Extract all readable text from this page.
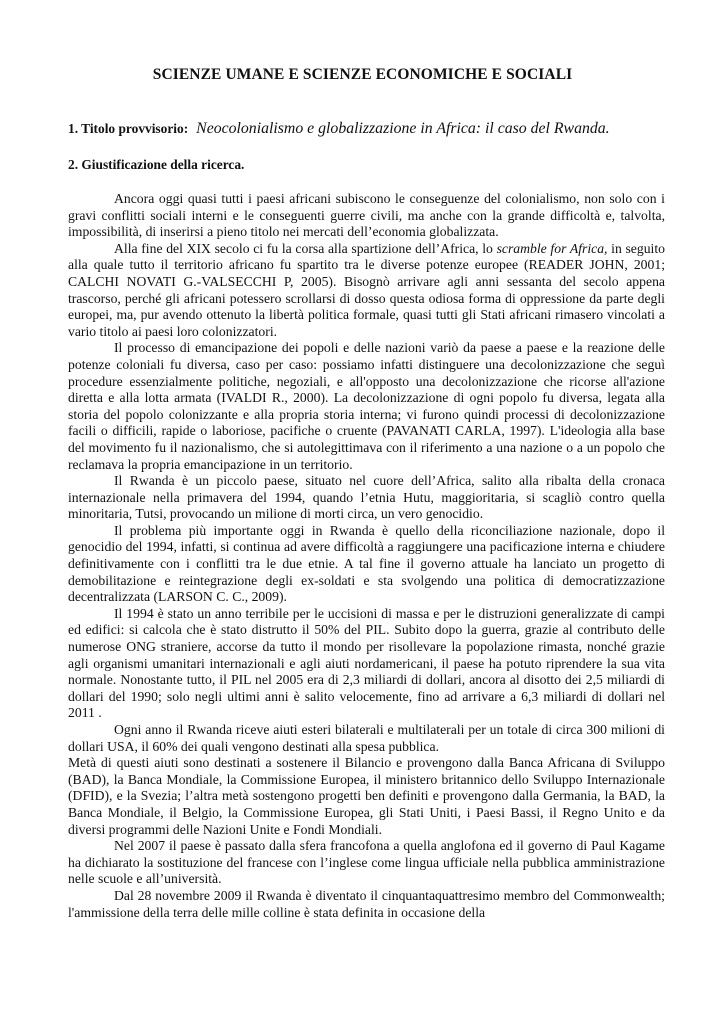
SCIENZE UMANE E SCIENZE ECONOMICHE E SOCIALI
1. Titolo provvisorio: Neocolonialismo e globalizzazione in Africa: il caso del Rwanda.
2. Giustificazione della ricerca.

Ancora oggi quasi tutti i paesi africani subiscono le conseguenze del colonialismo, non solo con i gravi conflitti sociali interni e le conseguenti guerre civili, ma anche con la grande difficoltà e, talvolta, impossibilità, di inserirsi a pieno titolo nei mercati dell’economia globalizzata.

Alla fine del XIX secolo ci fu la corsa alla spartizione dell’Africa, lo scramble for Africa, in seguito alla quale tutto il territorio africano fu spartito tra le diverse potenze europee (READER JOHN, 2001; CALCHI NOVATI G.-VALSECCHI P, 2005). Bisognò arrivare agli anni sessanta del secolo appena trascorso, perché gli africani potessero scrollarsi di dosso questa odiosa forma di oppressione da parte degli europei, ma, pur avendo ottenuto la libertà politica formale, quasi tutti gli Stati africani rimasero vincolati a vario titolo ai paesi loro colonizzatori.

Il processo di emancipazione dei popoli e delle nazioni variò da paese a paese e la reazione delle potenze coloniali fu diversa, caso per caso: possiamo infatti distinguere una decolonizzazione che seguì procedure essenzialmente politiche, negoziali, e all'opposto una decolonizzazione che ricorse all'azione diretta e alla lotta armata (IVALDI R., 2000). La decolonizzazione di ogni popolo fu diversa, legata alla storia del popolo colonizzante e alla propria storia interna; vi furono quindi processi di decolonizzazione facili o difficili, rapide o laboriose, pacifiche o cruente (PAVANATI CARLA, 1997). L'ideologia alla base del movimento fu il nazionalismo, che si autolegittimava con il riferimento a una nazione o a un popolo che reclamava la propria emancipazione in un territorio.

Il Rwanda è un piccolo paese, situato nel cuore dell’Africa, salito alla ribalta della cronaca internazionale nella primavera del 1994, quando l’etnia Hutu, maggioritaria, si scagliò contro quella minoritaria, Tutsi, provocando un milione di morti circa, un vero genocidio.

Il problema più importante oggi in Rwanda è quello della riconciliazione nazionale, dopo il genocidio del 1994, infatti, si continua ad avere difficoltà a raggiungere una pacificazione interna e chiudere definitivamente con i conflitti tra le due etnie. A tal fine il governo attuale ha lanciato un progetto di demobilitazione e reintegrazione degli ex-soldati e sta svolgendo una politica di democratizzazione decentralizzata (LARSON C. C., 2009).

Il 1994 è stato un anno terribile per le uccisioni di massa e per le distruzioni generalizzate di campi ed edifici: si calcola che è stato distrutto il 50% del PIL. Subito dopo la guerra, grazie al contributo delle numerose ONG straniere, accorse da tutto il mondo per risollevare la popolazione rimasta, nonché grazie agli organismi umanitari internazionali e agli aiuti nordamericani, il paese ha potuto riprendere la sua vita normale. Nonostante tutto, il PIL nel 2005 era di 2,3 miliardi di dollari, ancora al disotto dei 2,5 miliardi di dollari del 1990; solo negli ultimi anni è salito velocemente, fino ad arrivare a 6,3 miliardi di dollari nel 2011 .

Ogni anno il Rwanda riceve aiuti esteri bilaterali e multilaterali per un totale di circa 300 milioni di dollari USA, il 60% dei quali vengono destinati alla spesa pubblica.

Metà di questi aiuti sono destinati a sostenere il Bilancio e provengono dalla Banca Africana di Sviluppo (BAD), la Banca Mondiale, la Commissione Europea, il ministero britannico dello Sviluppo Internazionale (DFID), e la Svezia; l’altra metà sostengono progetti ben definiti e provengono dalla Germania, la BAD, la Banca Mondiale, il Belgio, la Commissione Europea, gli Stati Uniti, i Paesi Bassi, il Regno Unito e da diversi programmi delle Nazioni Unite e Fondi Mondiali.

Nel 2007 il paese è passato dalla sfera francofona a quella anglofona ed il governo di Paul Kagame ha dichiarato la sostituzione del francese con l’inglese come lingua ufficiale nella pubblica amministrazione nelle scuole e all’università.

Dal 28 novembre 2009 il Rwanda è diventato il cinquantaquattresimo membro del Commonwealth; l'ammissione della terra delle mille colline è stata definita in occasione della
